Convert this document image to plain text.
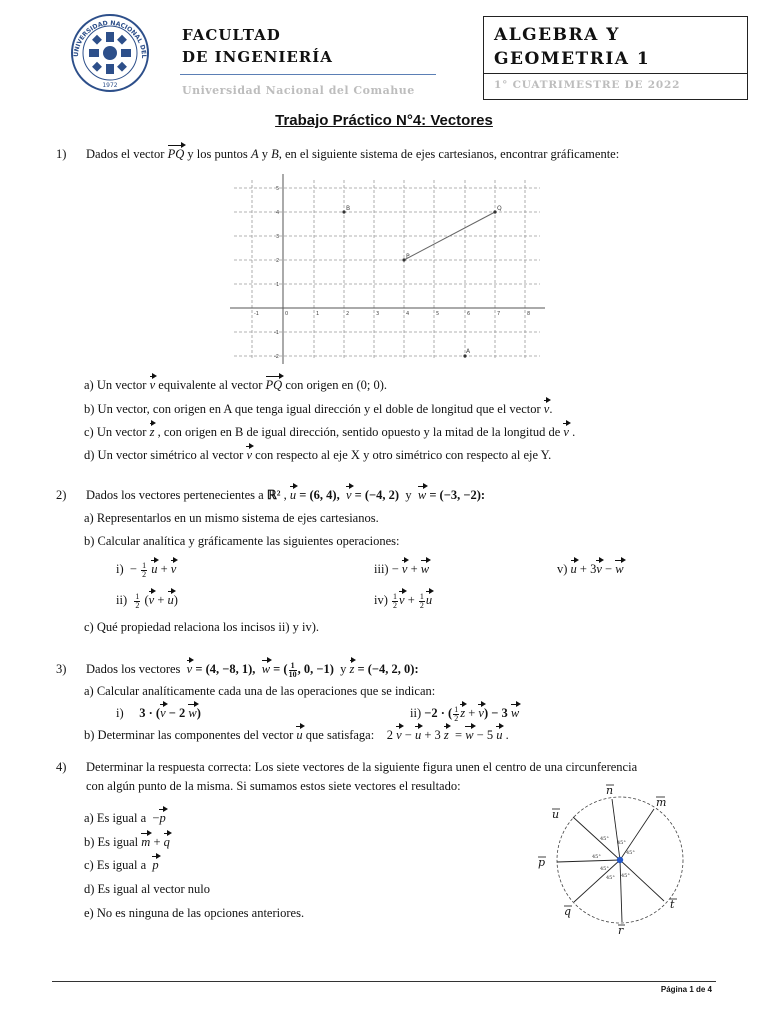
UNIVERSIDAD NACIONAL DEL
1972
FACULTAD
DE INGENIERÍA
Universidad Nacional del Comahue
ALGEBRA Y
GEOMETRIA 1
1° CUATRIMESTRE DE 2022
Trabajo Práctico N°4: Vectores
1) Dados el vector PQ y los puntos A y B, en el siguiente sistema de ejes cartesianos, encontrar gráficamente:
-1	0	1	2	3	4	5	6	7	8
5
4
3
2
1
-1
-2
P
Q
B
A
a) Un vector v equivalente al vector PQ con origen en (0; 0).
b) Un vector, con origen en A que tenga igual dirección y el doble de longitud que el vector v.
c) Un vector z , con origen en B de igual dirección, sentido opuesto y la mitad de la longitud de v .
d) Un vector simétrico al vector v con respecto al eje X y otro simétrico con respecto al eje Y.
2) Dados los vectores pertenecientes a ℝ² , u = (6, 4), v = (−4, 2) y w = (−3, −2):
a) Representarlos en un mismo sistema de ejes cartesianos.
b) Calcular analítica y gráficamente las siguientes operaciones:
$i) - \frac{1}{2}$ u + v
$ii) \frac{1}{2} (v + u)$
iii) − v + w
$iv) \frac{1}{2}$ $v + \frac{1}{2}$ u
v) u + 3v − w
c) Qué propiedad relaciona los incisos ii) y iv).
3) Dados los vectores v = (4, −8, 1), w = ( $\frac{1}{10}$ , 0, −1) y z = (−4, 2, 0):
a) Calcular analíticamente cada una de las operaciones que se indican:
i) 3 · (v − 2 w)	ii) −2 · ( $\frac{1}{2}$ z + v) − 3 w
b) Determinar las componentes del vector u que satisfaga:    2 v − u + 3 z  = w − 5 u .
4) Determinar la respuesta correcta: Los siete vectores de la siguiente figura unen el centro de una circunferencia
con algún punto de la misma. Si sumamos estos siete vectores el resultado:
a) Es igual a  −p
b) Es igual m + q
c) Es igual a p
d) Es igual al vector nulo
e) No es ninguna de las opciones anteriores.
45°
45°
45°
45°
45° 45°
45°
n
m
u
p
q
r
t
Página 1 de 4
